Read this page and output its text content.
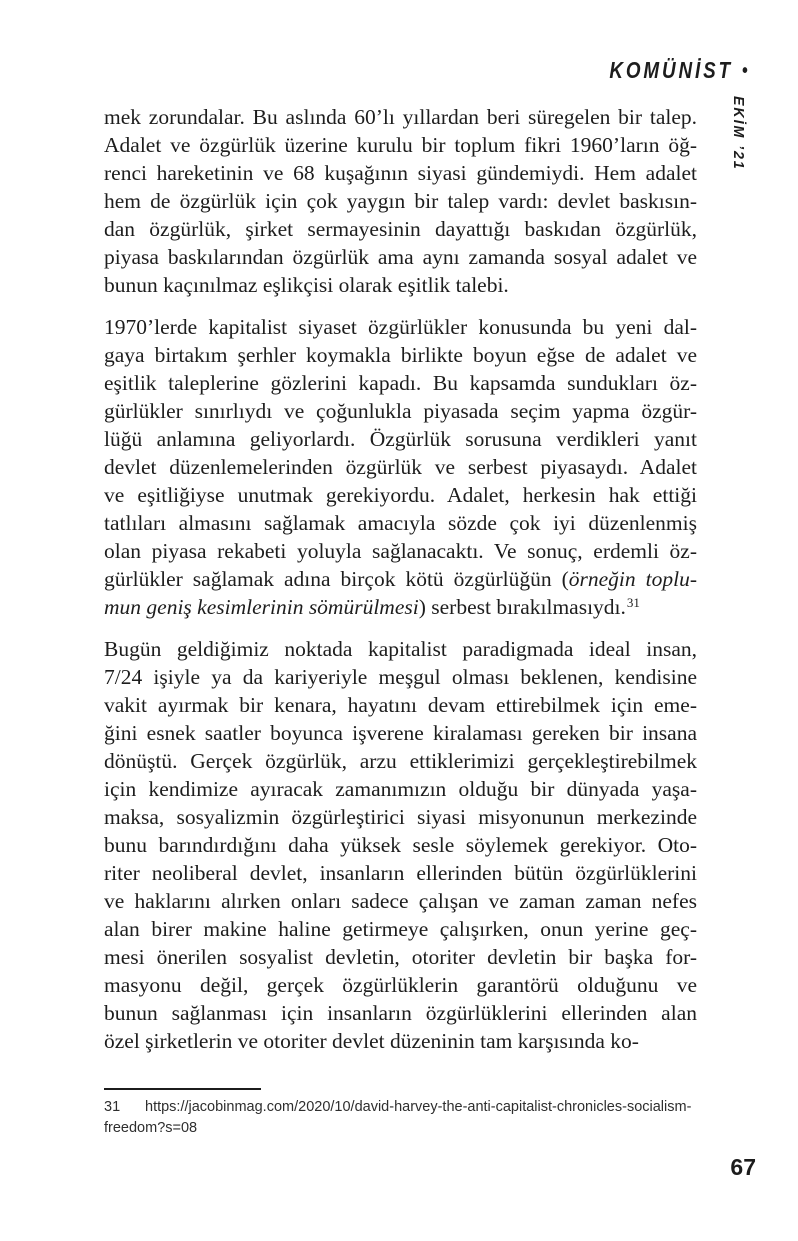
KOMÜNİST •
EKİM ’21
mek zorundalar. Bu aslında 60’lı yıllardan beri süregelen bir talep.
Adalet ve özgürlük üzerine kurulu bir toplum fikri 1960’ların öğ-
renci hareketinin ve 68 kuşağının siyasi gündemiydi. Hem adalet
hem de özgürlük için çok yaygın bir talep vardı: devlet baskısın-
dan özgürlük, şirket sermayesinin dayattığı baskıdan özgürlük,
piyasa baskılarından özgürlük ama aynı zamanda sosyal adalet ve
bunun kaçınılmaz eşlikçisi olarak eşitlik talebi.
1970’lerde kapitalist siyaset özgürlükler konusunda bu yeni dal-
gaya birtakım şerhler koymakla birlikte boyun eğse de adalet ve
eşitlik taleplerine gözlerini kapadı. Bu kapsamda sundukları öz-
gürlükler sınırlıydı ve çoğunlukla piyasada seçim yapma özgür-
lüğü anlamına geliyorlardı. Özgürlük sorusuna verdikleri yanıt
devlet düzenlemelerinden özgürlük ve serbest piyasaydı. Adalet
ve eşitliğiyse unutmak gerekiyordu. Adalet, herkesin hak ettiği
tatlıları almasını sağlamak amacıyla sözde çok iyi düzenlenmiş
olan piyasa rekabeti yoluyla sağlanacaktı. Ve sonuç, erdemli öz-
gürlükler sağlamak adına birçok kötü özgürlüğün (örneğin toplu-
mun geniş kesimlerinin sömürülmesi) serbest bırakılmasıydı.$^{31}$
Bugün geldiğimiz noktada kapitalist paradigmada ideal insan,
7/24 işiyle ya da kariyeriyle meşgul olması beklenen, kendisine
vakit ayırmak bir kenara, hayatını devam ettirebilmek için eme-
ğini esnek saatler boyunca işverene kiralaması gereken bir insana
dönüştü. Gerçek özgürlük, arzu ettiklerimizi gerçekleştirebilmek
için kendimize ayıracak zamanımızın olduğu bir dünyada yaşa-
maksa, sosyalizmin özgürleştirici siyasi misyonunun merkezinde
bunu barındırdığını daha yüksek sesle söylemek gerekiyor. Oto-
riter neoliberal devlet, insanların ellerinden bütün özgürlüklerini
ve haklarını alırken onları sadece çalışan ve zaman zaman nefes
alan birer makine haline getirmeye çalışırken, onun yerine geç-
mesi önerilen sosyalist devletin, otoriter devletin bir başka for-
masyonu değil, gerçek özgürlüklerin garantörü olduğunu ve
bunun sağlanması için insanların özgürlüklerini ellerinden alan
özel şirketlerin ve otoriter devlet düzeninin tam karşısında ko-
31 https://jacobinmag.com/2020/10/david-harvey-the-anti-capitalist-chronicles-socialism-
freedom?s=08
67
